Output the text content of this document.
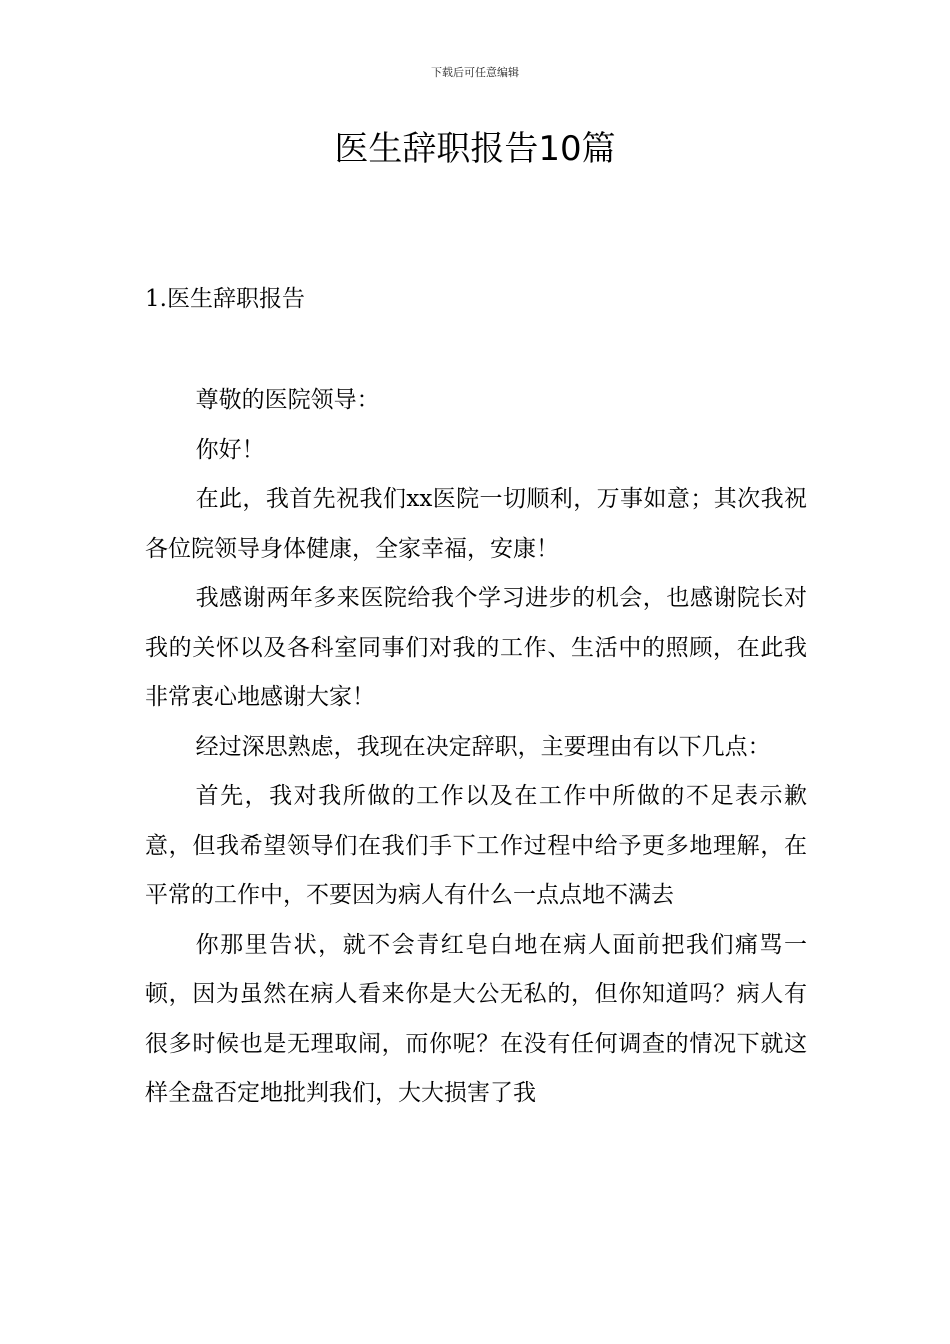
下载后可任意编辑
医生辞职报告10篇
1.医生辞职报告

尊敬的医院领导：

你好！

在此，我首先祝我们xx医院一切顺利，万事如意；其次我祝各位院领导身体健康，全家幸福，安康！

我感谢两年多来医院给我个学习进步的机会，也感谢院长对我的关怀以及各科室同事们对我的工作、生活中的照顾，在此我非常衷心地感谢大家！

经过深思熟虑，我现在决定辞职，主要理由有以下几点：

首先，我对我所做的工作以及在工作中所做的不足表示歉意，但我希望领导们在我们手下工作过程中给予更多地理解，在平常的工作中，不要因为病人有什么一点点地不满去

你那里告状，就不会青红皂白地在病人面前把我们痛骂一顿，因为虽然在病人看来你是大公无私的，但你知道吗？病人有很多时候也是无理取闹，而你呢？在没有任何调查的情况下就这样全盘否定地批判我们，大大损害了我
